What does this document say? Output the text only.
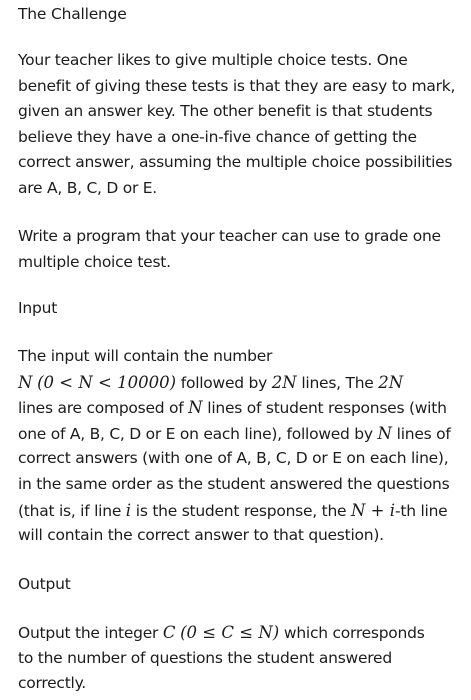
The Challenge
Your teacher likes to give multiple choice tests. One
benefit of giving these tests is that they are easy to mark,
given an answer key. The other benefit is that students
believe they have a one-in-five chance of getting the
correct answer, assuming the multiple choice possibilities
are A, B, C, D or E.
Write a program that your teacher can use to grade one
multiple choice test.
Input
The input will contain the number
N (0 < N < 10000) followed by 2N lines, The 2N
lines are composed of N lines of student responses (with
one of A, B, C, D or E on each line), followed by N lines of
correct answers (with one of A, B, C, D or E on each line),
in the same order as the student answered the questions
(that is, if line i is the student response, the N + i-th line
will contain the correct answer to that question).
Output
Output the integer C (0 ≤ C ≤ N) which corresponds
to the number of questions the student answered
correctly.
